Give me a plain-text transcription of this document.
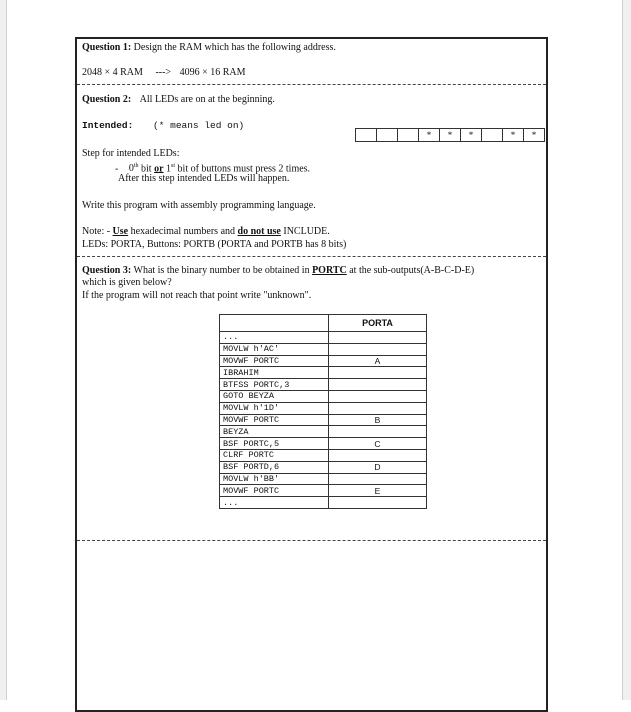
Question 1: Design the RAM which has the following address.
2048 × 4 RAM ---> 4096 × 16 RAM
Question 2: All LEDs are on at the beginning.
Intended: (* means led on)
*	*	*	*	*
Step for intended LEDs:
- 0th bit or 1st bit of buttons must press 2 times.
After this step intended LEDs will happen.
Write this program with assembly programming language.
Note: - Use hexadecimal numbers and do not use INCLUDE.
LEDs: PORTA, Buttons: PORTB (PORTA and PORTB has 8 bits)
Question 3: What is the binary number to be obtained in PORTC at the sub-outputs(A-B-C-D-E)
which is given below?
If the program will not reach that point write "unknown".
	PORTA
...	
MOVLW h'AC'	
MOVWF PORTC	A
IBRAHIM	
BTFSS PORTC,3	
GOTO BEYZA	
MOVLW h'1D'	
MOVWF PORTC	B
BEYZA	
BSF PORTC,5	C
CLRF PORTC	
BSF PORTD,6	D
MOVLW h'BB'	
MOVWF PORTC	E
...	
